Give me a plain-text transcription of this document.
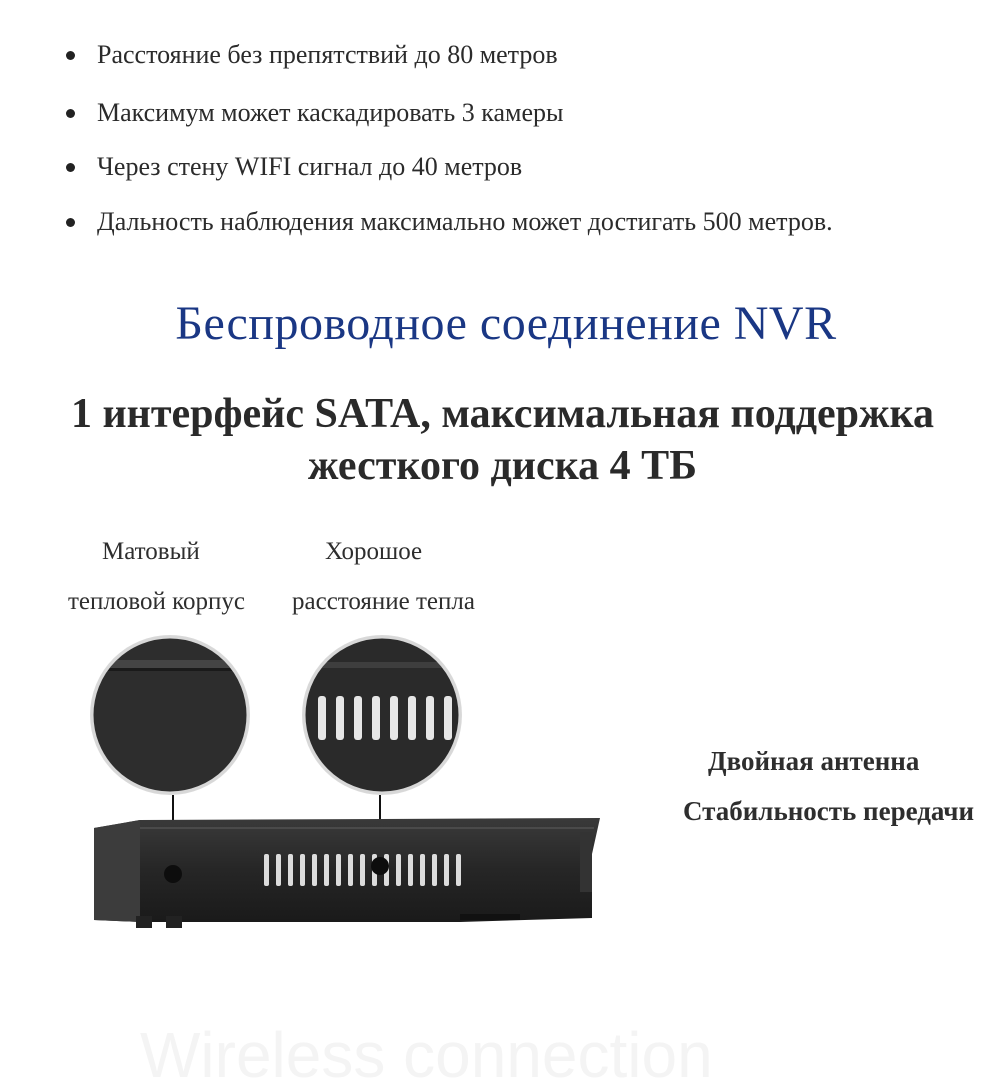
Расстояние без препятствий до 80 метров
Максимум может каскадировать 3 камеры
Через стену WIFI сигнал до 40 метров
Дальность наблюдения максимально может достигать 500 метров.
Беспроводное соединение NVR
1 интерфейс SATA, максимальная поддержка
жесткого диска 4 ТБ
Матовый
тепловой корпус
Хорошое
расстояние тепла
Двойная антенна
Стабильность передачи
Wireless connection
